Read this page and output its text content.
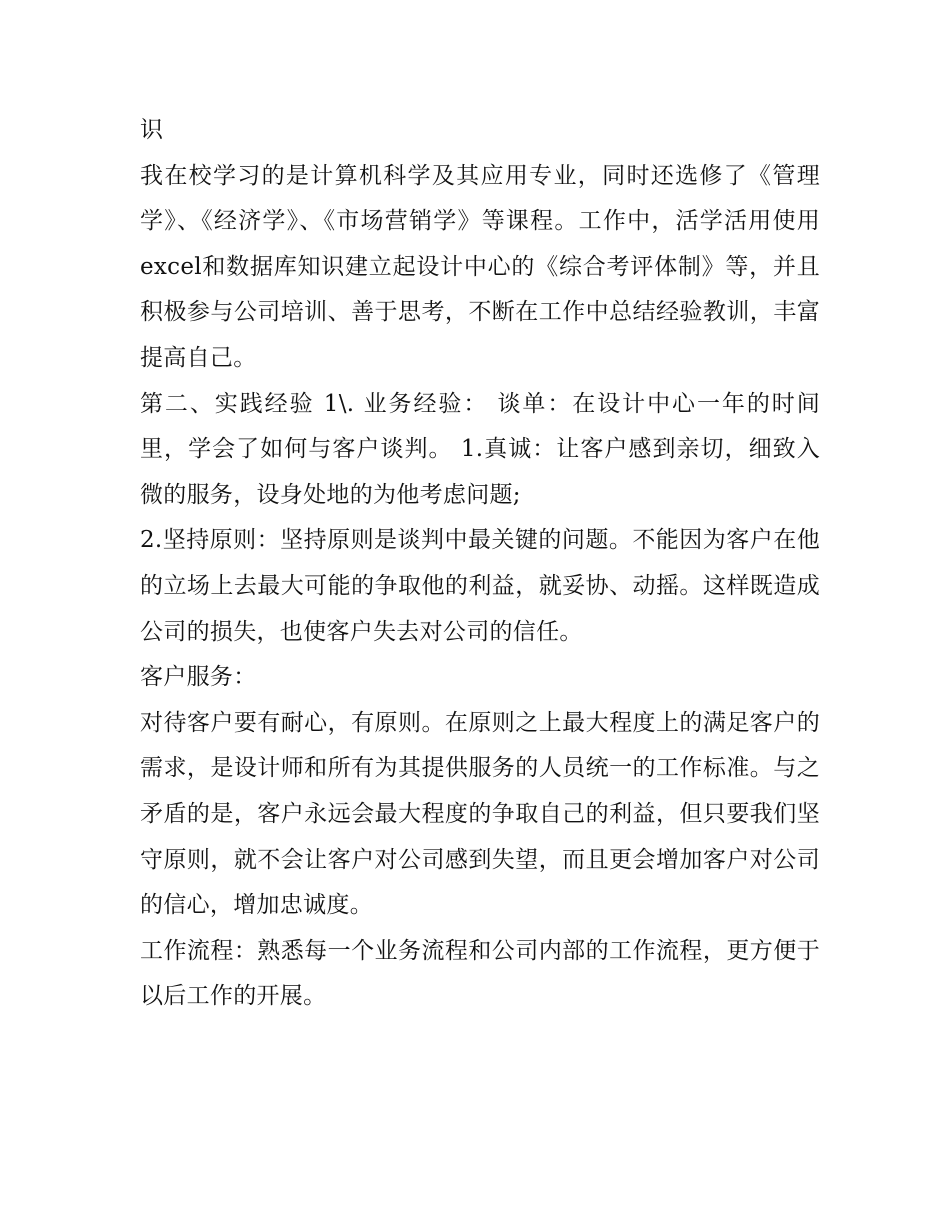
识

我在校学习的是计算机科学及其应用专业，同时还选修了《管理学》、《经济学》、《市场营销学》等课程。工作中，活学活用使用excel和数据库知识建立起设计中心的《综合考评体制》等，并且积极参与公司培训、善于思考，不断在工作中总结经验教训，丰富提高自己。

第二、实践经验 1\. 业务经验： 谈单：在设计中心一年的时间里，学会了如何与客户谈判。 1.真诚：让客户感到亲切，细致入微的服务，设身处地的为他考虑问题;

2.坚持原则：坚持原则是谈判中最关键的问题。不能因为客户在他的立场上去最大可能的争取他的利益，就妥协、动摇。这样既造成公司的损失，也使客户失去对公司的信任。

客户服务：

对待客户要有耐心，有原则。在原则之上最大程度上的满足客户的需求，是设计师和所有为其提供服务的人员统一的工作标准。与之矛盾的是，客户永远会最大程度的争取自己的利益，但只要我们坚守原则，就不会让客户对公司感到失望，而且更会增加客户对公司的信心，增加忠诚度。

工作流程：熟悉每一个业务流程和公司内部的工作流程，更方便于以后工作的开展。
